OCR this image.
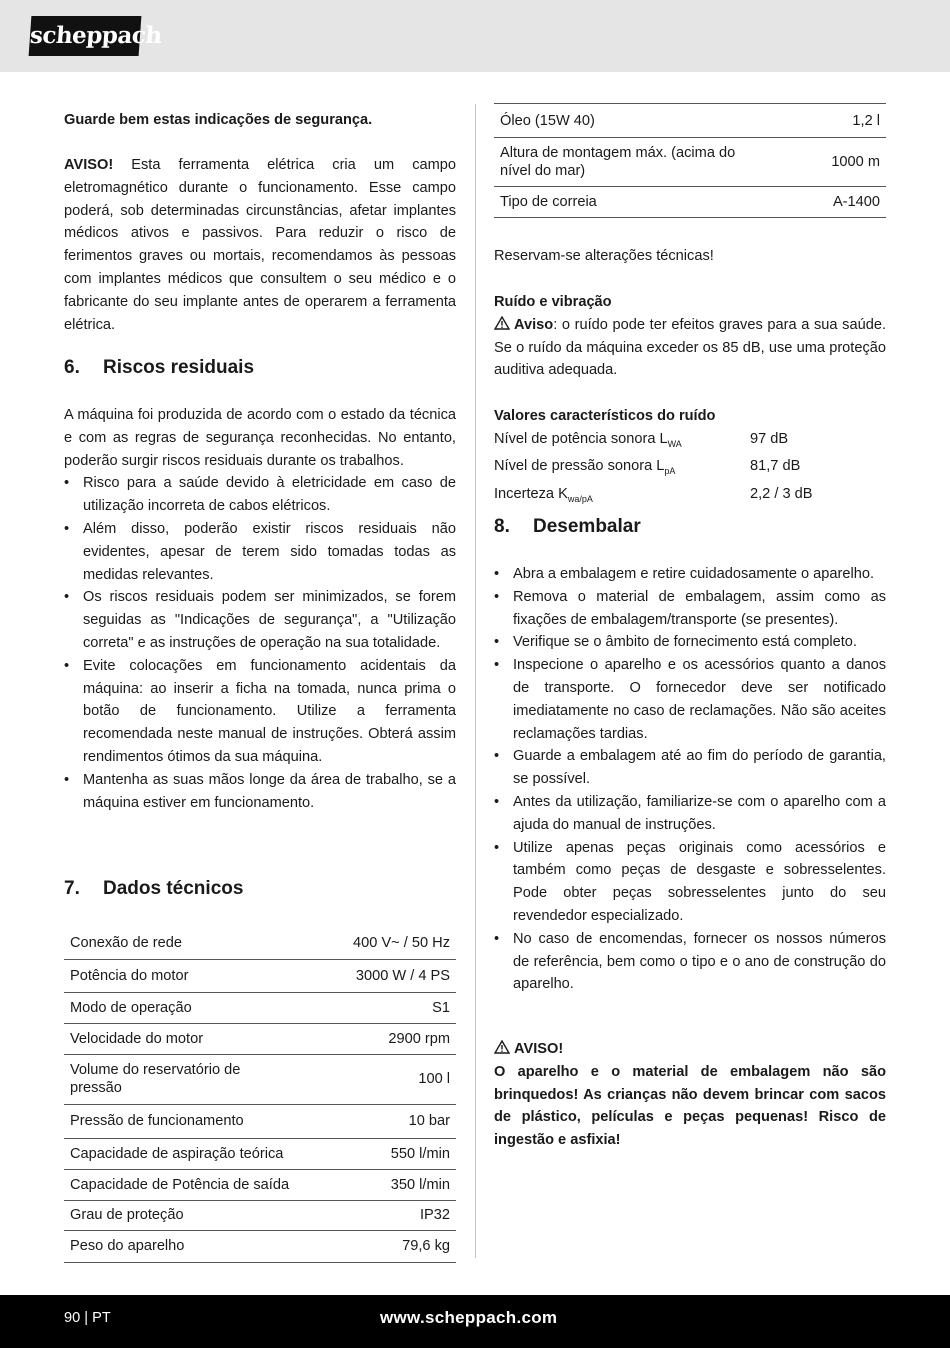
scheppach

Guarde bem estas indicações de segurança.

AVISO! Esta ferramenta elétrica cria um campo eletromagnético durante o funcionamento. Esse campo poderá, sob determinadas circunstâncias, afetar implantes médicos ativos e passivos. Para reduzir o risco de ferimentos graves ou mortais, recomendamos às pessoas com implantes médicos que consultem o seu médico e o fabricante do seu implante antes de operarem a ferramenta elétrica.

6. Riscos residuais

A máquina foi produzida de acordo com o estado da técnica e com as regras de segurança reconhecidas. No entanto, poderão surgir riscos residuais durante os trabalhos.

• Risco para a saúde devido à eletricidade em caso de utilização incorreta de cabos elétricos.
• Além disso, poderão existir riscos residuais não evidentes, apesar de terem sido tomadas todas as medidas relevantes.
• Os riscos residuais podem ser minimizados, se forem seguidas as "Indicações de segurança", a "Utilização correta" e as instruções de operação na sua totalidade.
• Evite colocações em funcionamento acidentais da máquina: ao inserir a ficha na tomada, nunca prima o botão de funcionamento. Utilize a ferramenta recomendada neste manual de instruções. Obterá assim rendimentos ótimos da sua máquina.
• Mantenha as suas mãos longe da área de trabalho, se a máquina estiver em funcionamento.
7. Dados técnicos
Conexão de rede	400 V~ / 50 Hz
Potência do motor	3000 W / 4 PS
Modo de operação	S1
Velocidade do motor	2900 rpm
Volume do reservatório de pressão	100 l
Pressão de funcionamento	10 bar
Capacidade de aspiração teórica	550 l/min
Capacidade de Potência de saída	350 l/min
Grau de proteção	IP32
Peso do aparelho	79,6 kg
Óleo (15W 40)	1,2 l
Altura de montagem máx. (acima do nível do mar)	1000 m
Tipo de correia	A-1400

Reservam-se alterações técnicas!

Ruído e vibração

Aviso: o ruído pode ter efeitos graves para a sua saúde. Se o ruído da máquina exceder os 85 dB, use uma proteção auditiva adequada.

Valores característicos do ruído

Nível de potência sonora $L_{WA}$	97 dB
Nível de pressão sonora $L_{pA}$	81,7 dB
Incerteza $K_{wa/pA}$	2,2 / 3 dB
8. Desembalar
• Abra a embalagem e retire cuidadosamente o aparelho.
• Remova o material de embalagem, assim como as fixações de embalagem/transporte (se presentes).
• Verifique se o âmbito de fornecimento está completo.
• Inspecione o aparelho e os acessórios quanto a danos de transporte. O fornecedor deve ser notificado imediatamente no caso de reclamações. Não são aceites reclamações tardias.
• Guarde a embalagem até ao fim do período de garantia, se possível.
• Antes da utilização, familiarize-se com o aparelho com a ajuda do manual de instruções.
• Utilize apenas peças originais como acessórios e também como peças de desgaste e sobresselentes. Pode obter peças sobresselentes junto do seu revendedor especializado.
• No caso de encomendas, fornecer os nossos números de referência, bem como o tipo e o ano de construção do aparelho.

AVISO!

O aparelho e o material de embalagem não são brinquedos! As crianças não devem brincar com sacos de plástico, películas e peças pequenas! Risco de ingestão e asfixia!

90 | PT	www.scheppach.com
